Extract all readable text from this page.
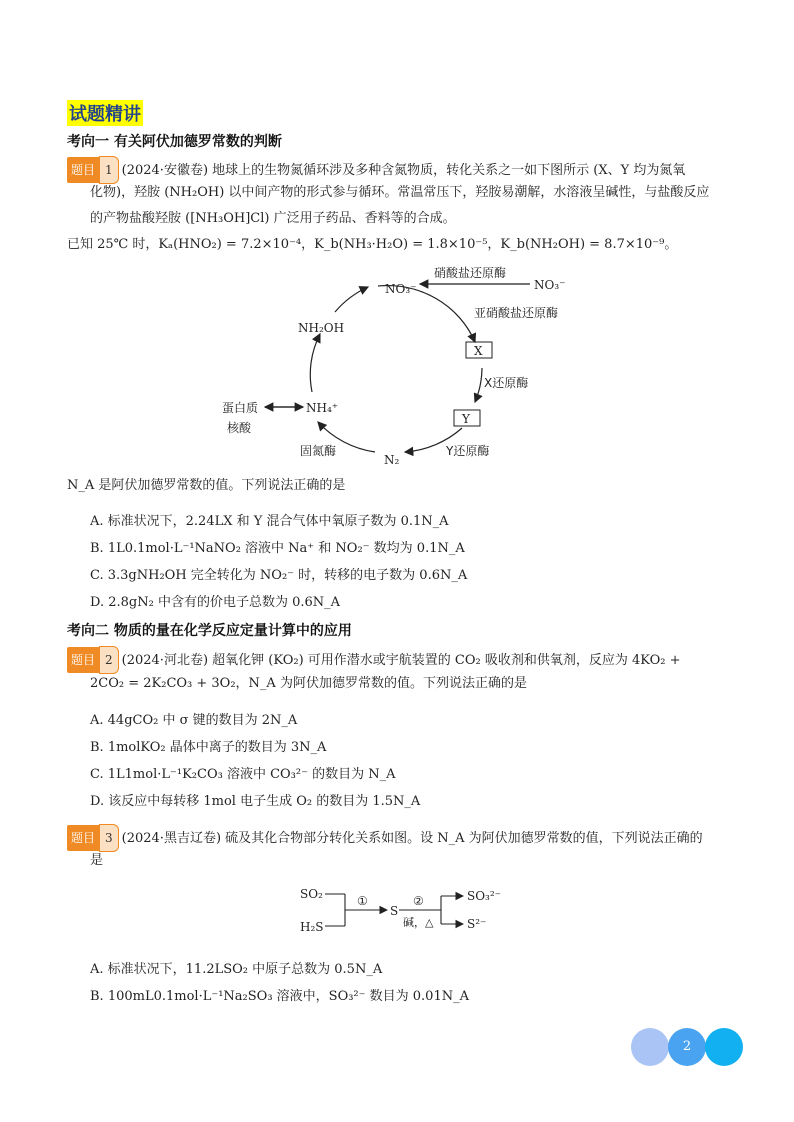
试题精讲
考向一 有关阿伏加德罗常数的判断
题目 1 (2024·安徽卷) 地球上的生物氮循环涉及多种含氮物质，转化关系之一如下图所示 (X、Y 均为氮氧
化物)，羟胺 (NH₂OH) 以中间产物的形式参与循环。常温常压下，羟胺易潮解，水溶液呈碱性，与盐酸反应
的产物盐酸羟胺 ([NH₃OH]Cl) 广泛用子药品、香料等的合成。
已知 25℃ 时，Kₐ(HNO₂) = 7.2×10⁻⁴，K_b(NH₃·H₂O) = 1.8×10⁻⁵，K_b(NH₂OH) = 8.7×10⁻⁹。
NO₃⁻	NO₃⁻
硝酸盐还原酶
亚硝酸盐还原酶
X
X还原酶
Y
Y还原酶
N₂
固氮酶
NH₄⁺
NH₂OH
蛋白质
核酸
N_A 是阿伏加德罗常数的值。下列说法正确的是
A. 标准状况下，2.24LX 和 Y 混合气体中氧原子数为 0.1N_A
B. 1L0.1mol·L⁻¹NaNO₂ 溶液中 Na⁺ 和 NO₂⁻ 数均为 0.1N_A
C. 3.3gNH₂OH 完全转化为 NO₂⁻ 时，转移的电子数为 0.6N_A
D. 2.8gN₂ 中含有的价电子总数为 0.6N_A
考向二 物质的量在化学反应定量计算中的应用
题目 2 (2024·河北卷) 超氧化钾 (KO₂) 可用作潜水或宇航装置的 CO₂ 吸收剂和供氧剂，反应为 4KO₂ +
2CO₂ = 2K₂CO₃ + 3O₂，N_A 为阿伏加德罗常数的值。下列说法正确的是
A. 44gCO₂ 中 σ 键的数目为 2N_A
B. 1molKO₂ 晶体中离子的数目为 3N_A
C. 1L1mol·L⁻¹K₂CO₃ 溶液中 CO₃²⁻ 的数目为 N_A
D. 该反应中每转移 1mol 电子生成 O₂ 的数目为 1.5N_A
题目 3 (2024·黑吉辽卷) 硫及其化合物部分转化关系如图。设 N_A 为阿伏加德罗常数的值，下列说法正确的
是
SO₂
H₂S
①
S
②
碱，△
SO₃²⁻
S²⁻
A. 标准状况下，11.2LSO₂ 中原子总数为 0.5N_A
B. 100mL0.1mol·L⁻¹Na₂SO₃ 溶液中，SO₃²⁻ 数目为 0.01N_A
2
